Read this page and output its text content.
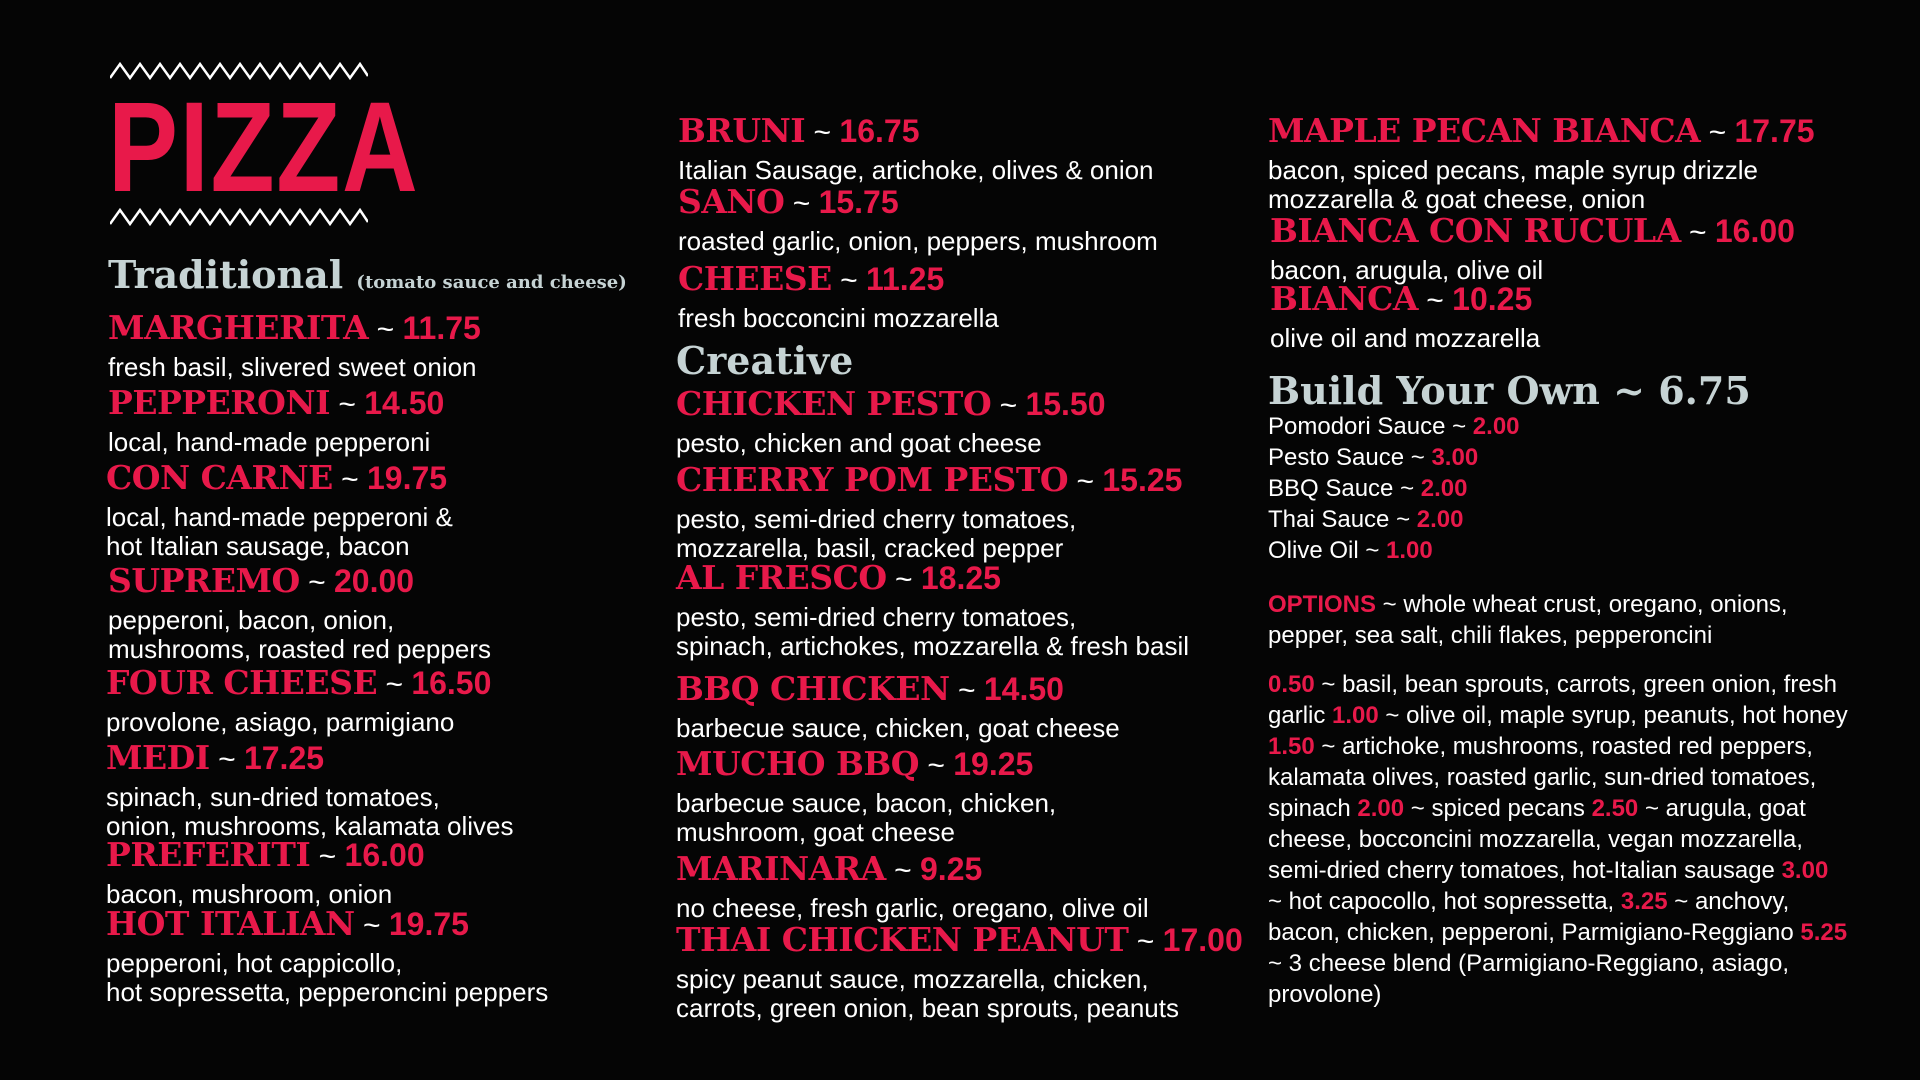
PIZZA
Traditional (tomato sauce and cheese)
MARGHERITA ~ 11.75
fresh basil, slivered sweet onion
PEPPERONI ~ 14.50
local, hand-made pepperoni
CON CARNE ~ 19.75
local, hand-made pepperoni &
hot Italian sausage, bacon
SUPREMO ~ 20.00
pepperoni, bacon, onion,
mushrooms, roasted red peppers
FOUR CHEESE ~ 16.50
provolone, asiago, parmigiano
MEDI ~ 17.25
spinach, sun-dried tomatoes,
onion, mushrooms, kalamata olives
PREFERITI ~ 16.00
bacon, mushroom, onion
HOT ITALIAN ~ 19.75
pepperoni, hot cappicollo,
hot sopressetta, pepperoncini peppers
BRUNI ~ 16.75
Italian Sausage, artichoke, olives & onion
SANO ~ 15.75
roasted garlic, onion, peppers, mushroom
CHEESE ~ 11.25
fresh bocconcini mozzarella
Creative
CHICKEN PESTO ~ 15.50
pesto, chicken and goat cheese
CHERRY POM PESTO ~ 15.25
pesto, semi-dried cherry tomatoes,
mozzarella, basil, cracked pepper
AL FRESCO ~ 18.25
pesto, semi-dried cherry tomatoes,
spinach, artichokes, mozzarella & fresh basil
BBQ CHICKEN ~ 14.50
barbecue sauce, chicken, goat cheese
MUCHO BBQ ~ 19.25
barbecue sauce, bacon, chicken,
mushroom, goat cheese
MARINARA ~ 9.25
no cheese, fresh garlic, oregano, olive oil
THAI CHICKEN PEANUT ~ 17.00
spicy peanut sauce, mozzarella, chicken,
carrots, green onion, bean sprouts, peanuts
MAPLE PECAN BIANCA ~ 17.75
bacon, spiced pecans, maple syrup drizzle
mozzarella & goat cheese, onion
BIANCA CON RUCULA ~ 16.00
bacon, arugula, olive oil
BIANCA ~ 10.25
olive oil and mozzarella
Build Your Own ~ 6.75
Pomodori Sauce ~ 2.00
Pesto Sauce ~ 3.00
BBQ Sauce ~ 2.00
Thai Sauce ~ 2.00
Olive Oil ~ 1.00
OPTIONS ~ whole wheat crust, oregano, onions, pepper, sea salt, chili flakes, pepperoncini
0.50 ~ basil, bean sprouts, carrots, green onion, fresh garlic 1.00 ~ olive oil, maple syrup, peanuts, hot honey 1.50 ~ artichoke, mushrooms, roasted red peppers, kalamata olives, roasted garlic, sun-dried tomatoes, spinach 2.00 ~ spiced pecans 2.50 ~ arugula, goat cheese, bocconcini mozzarella, vegan mozzarella, semi-dried cherry tomatoes, hot-Italian sausage 3.00 ~ hot capocollo, hot sopressetta, 3.25 ~ anchovy, bacon, chicken, pepperoni, Parmigiano-Reggiano 5.25 ~ 3 cheese blend (Parmigiano-Reggiano, asiago, provolone)
